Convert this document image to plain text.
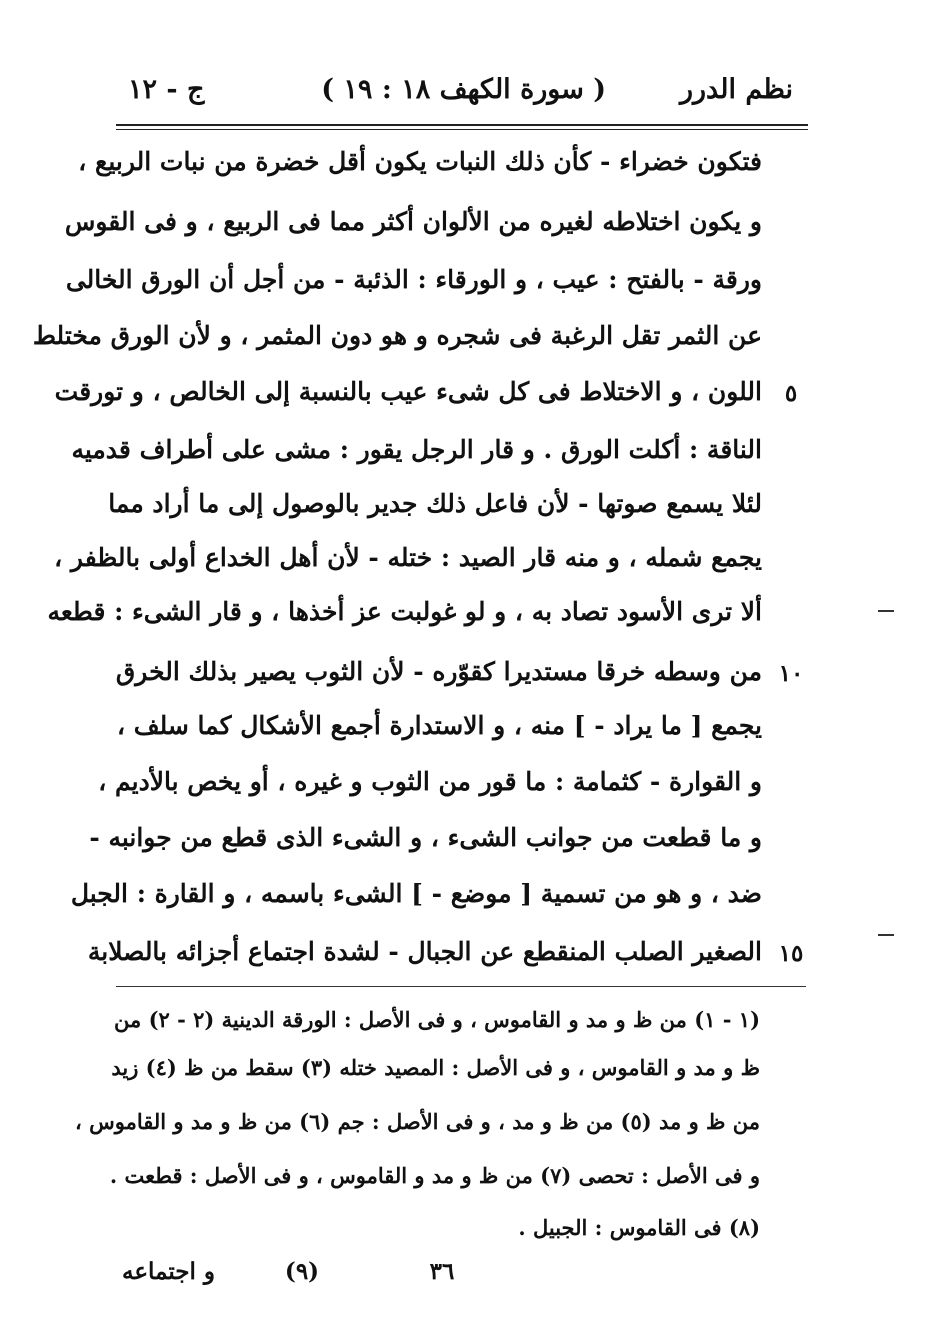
نظم الدرر
( سورة الكهف ١٨ : ١٩ )
ج - ١٢
فتكون خضراء - كأن ذلك النبات يكون أقل خضرة من نبات الربيع ،
و يكون اختلاطه لغيره من الألوان أكثر مما فى الربيع ، و فى القوس
ورقة - بالفتح : عيب ، و الورقاء : الذئبة - من أجل أن الورق الخالى
عن الثمر تقل الرغبة فى شجره و هو دون المثمر ، و لأن الورق مختلط
اللون ، و الاختلاط فى كل شىء عيب بالنسبة إلى الخالص ، و تورقت ٥
الناقة : أكلت الورق . و قار الرجل يقور : مشى على أطراف قدميه
لئلا يسمع صوتها - لأن فاعل ذلك جدير بالوصول إلى ما أراد مما
يجمع شمله ، و منه قار الصيد : ختله - لأن أهل الخداع أولى بالظفر ،
ألا ترى الأسود تصاد به ، و لو غولبت عز أخذها ، و قار الشىء : قطعه
من وسطه خرقا مستديرا كقوّره - لأن الثوب يصير بذلك الخرق ١٠
يجمع [ ما يراد - ] منه ، و الاستدارة أجمع الأشكال كما سلف ،
و القوارة - كثمامة : ما قور من الثوب و غيره ، أو يخص بالأديم ،
و ما قطعت من جوانب الشىء ، و الشىء الذى قطع من جوانبه -
ضد ، و هو من تسمية [ موضع - ] الشىء باسمه ، و القارة : الجبل
الصغير الصلب المنقطع عن الجبال - لشدة اجتماع أجزائه بالصلابة ١٥
(١ - ١) من ظ و مد و القاموس ، و فى الأصل : الورقة الدينية (٢ - ٢) من
ظ و مد و القاموس ، و فى الأصل : المصيد ختله (٣) سقط من ظ (٤) زيد
من ظ و مد (٥) من ظ و مد ، و فى الأصل : جم (٦) من ظ و مد و القاموس ،
و فى الأصل : تحصى (٧) من ظ و مد و القاموس ، و فى الأصل : قطعت .
(٨) فى القاموس : الجبيل .
٣٦
(٩)
و اجتماعه
